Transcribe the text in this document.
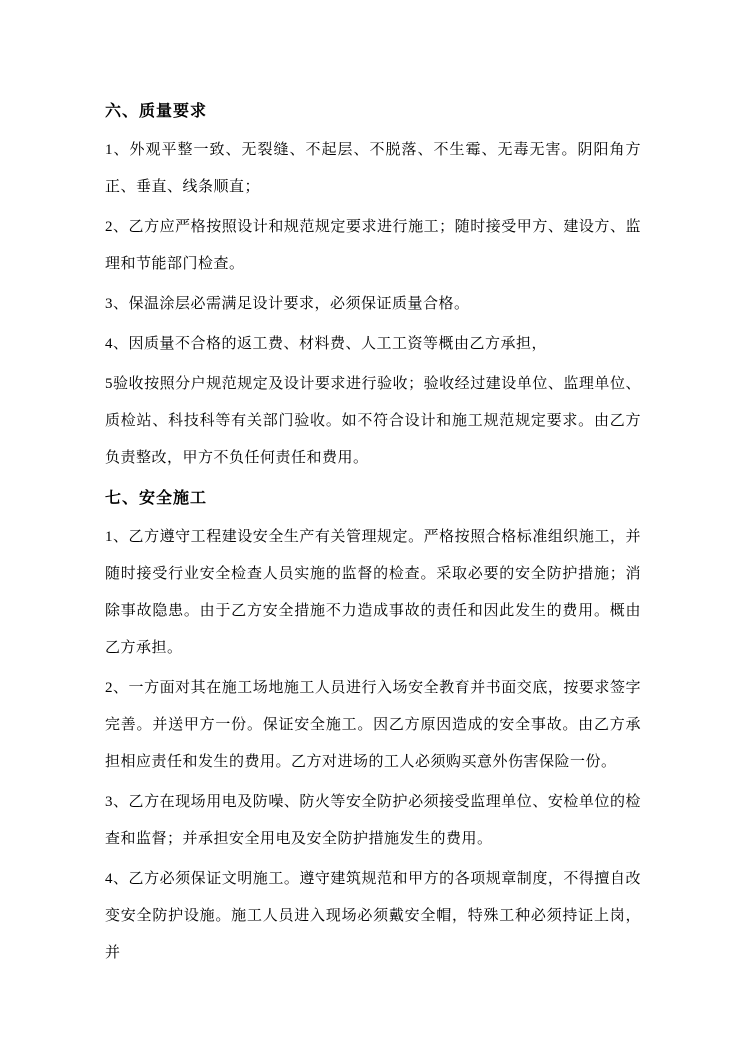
六、质量要求

1、外观平整一致、无裂缝、不起层、不脱落、不生霉、无毒无害。阴阳角方正、垂直、线条顺直；

2、乙方应严格按照设计和规范规定要求进行施工；随时接受甲方、建设方、监理和节能部门检查。

3、保温涂层必需满足设计要求，必须保证质量合格。

4、因质量不合格的返工费、材料费、人工工资等概由乙方承担，

5验收按照分户规范规定及设计要求进行验收；验收经过建设单位、监理单位、质检站、科技科等有关部门验收。如不符合设计和施工规范规定要求。由乙方负责整改，甲方不负任何责任和费用。

七、安全施工

1、乙方遵守工程建设安全生产有关管理规定。严格按照合格标准组织施工，并随时接受行业安全检查人员实施的监督的检查。采取必要的安全防护措施；消除事故隐患。由于乙方安全措施不力造成事故的责任和因此发生的费用。概由乙方承担。

2、一方面对其在施工场地施工人员进行入场安全教育并书面交底，按要求签字完善。并送甲方一份。保证安全施工。因乙方原因造成的安全事故。由乙方承担相应责任和发生的费用。乙方对进场的工人必须购买意外伤害保险一份。

3、乙方在现场用电及防噪、防火等安全防护必须接受监理单位、安检单位的检查和监督；并承担安全用电及安全防护措施发生的费用。

4、乙方必须保证文明施工。遵守建筑规范和甲方的各项规章制度，不得擅自改变安全防护设施。施工人员进入现场必须戴安全帽，特殊工种必须持证上岗，并
